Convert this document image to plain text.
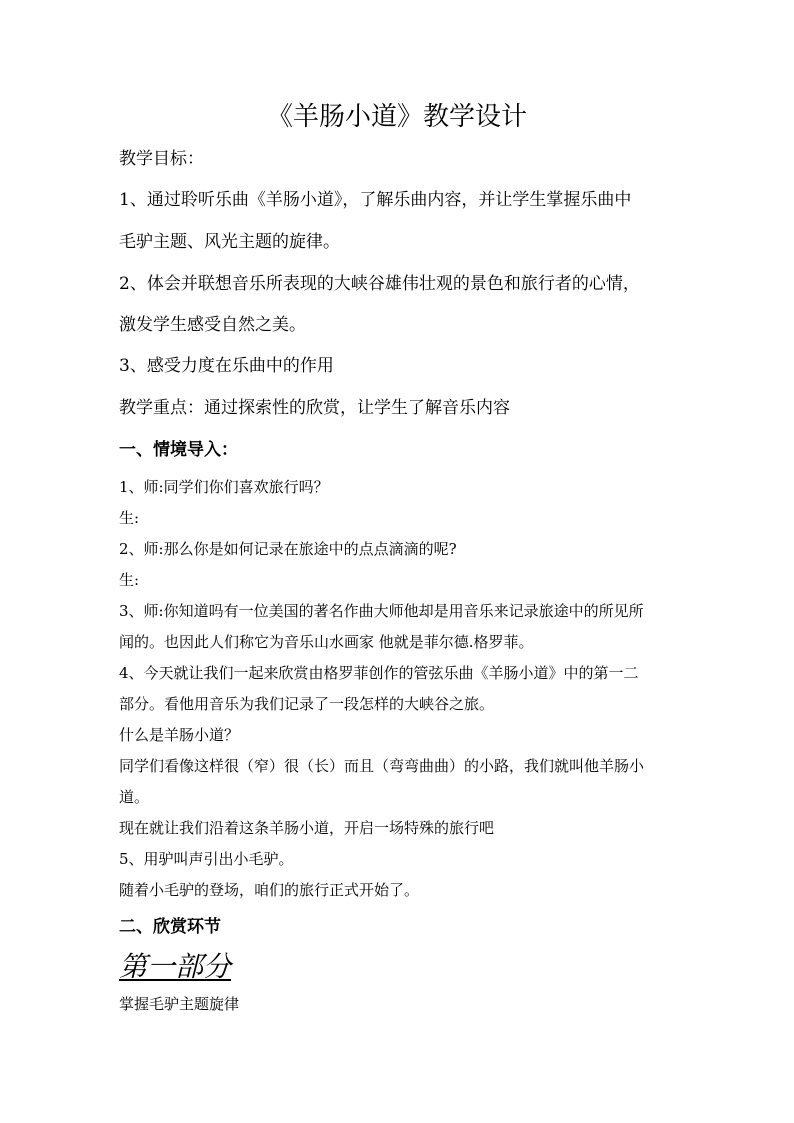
《羊肠小道》教学设计

教学目标：

1、通过聆听乐曲《羊肠小道》，了解乐曲内容，并让学生掌握乐曲中

毛驴主题、风光主题的旋律。

2、体会并联想音乐所表现的大峡谷雄伟壮观的景色和旅行者的心情，

激发学生感受自然之美。

3、感受力度在乐曲中的作用

教学重点：通过探索性的欣赏，让学生了解音乐内容

一、情境导入：

1、师:同学们你们喜欢旅行吗？

生:

2、师:那么你是如何记录在旅途中的点点滴滴的呢?

生:

3、师:你知道吗有一位美国的著名作曲大师他却是用音乐来记录旅途中的所见所

闻的。也因此人们称它为音乐山水画家 他就是菲尔德.格罗菲。

4、今天就让我们一起来欣赏由格罗菲创作的管弦乐曲《羊肠小道》中的第一二

部分。看他用音乐为我们记录了一段怎样的大峡谷之旅。

什么是羊肠小道？

同学们看像这样很（窄）很（长）而且（弯弯曲曲）的小路，我们就叫他羊肠小

道。

现在就让我们沿着这条羊肠小道，开启一场特殊的旅行吧

5、用驴叫声引出小毛驴。

随着小毛驴的登场，咱们的旅行正式开始了。

二、欣赏环节

第一部分

掌握毛驴主题旋律
